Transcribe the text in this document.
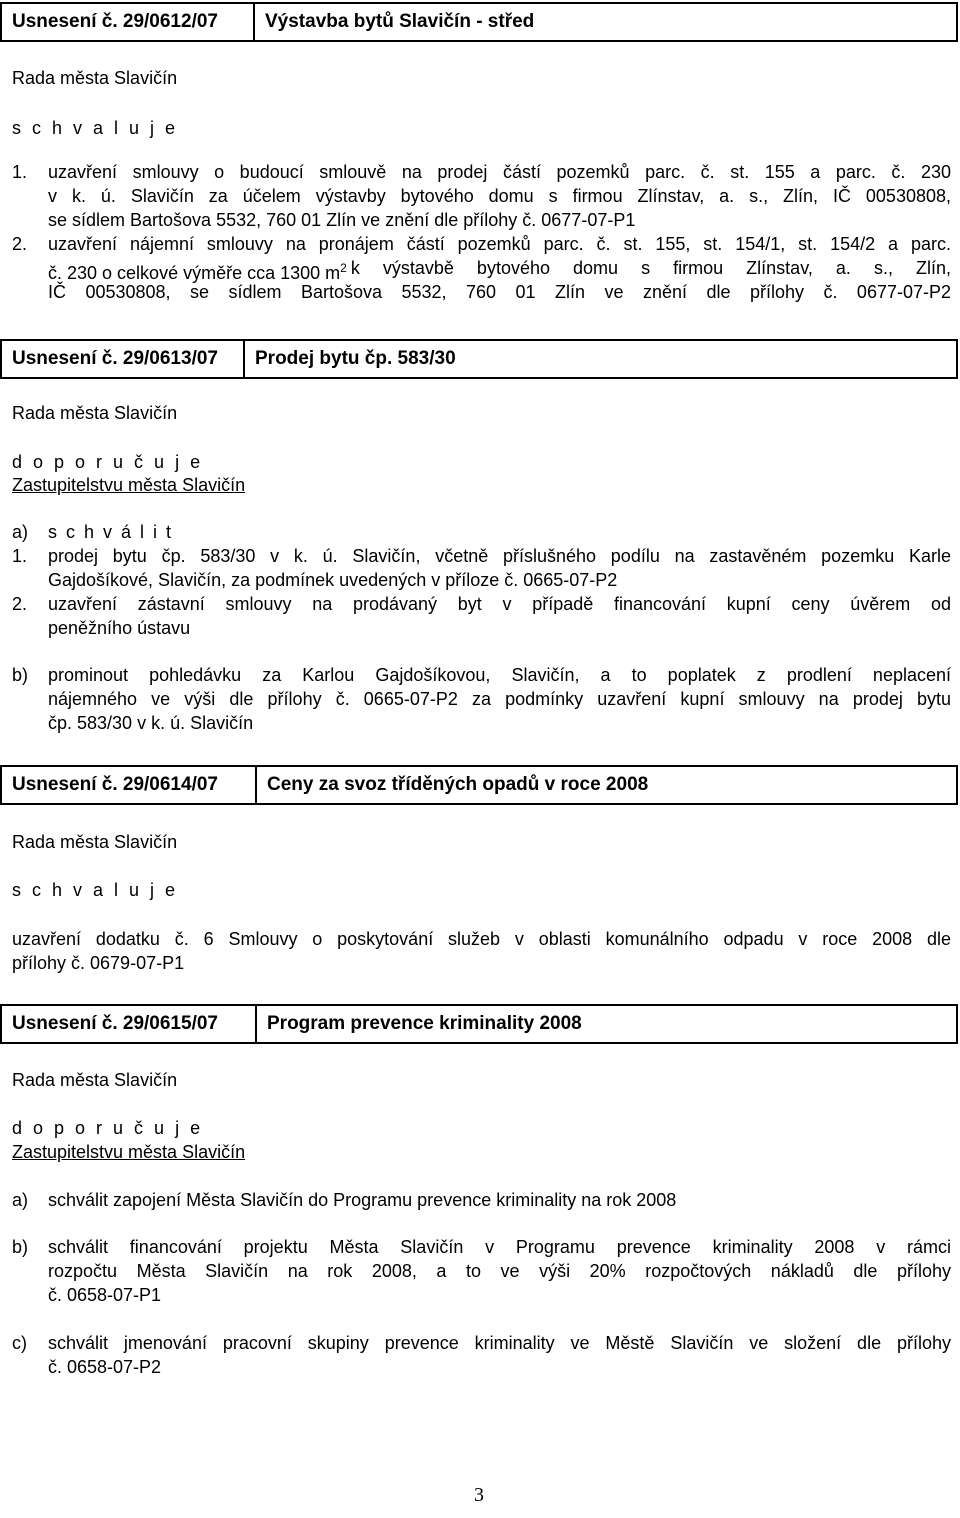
Usnesení č. 29/0612/07	Výstavba bytů Slavičín - střed
Rada města Slavičín
s c h v a l u j e
1. uzavření smlouvy o budoucí smlouvě na prodej částí pozemků parc. č. st. 155 a parc. č. 230
v k. ú. Slavičín za účelem výstavby bytového domu s firmou Zlínstav, a. s., Zlín, IČ 00530808,
se sídlem Bartošova 5532, 760 01 Zlín ve znění dle přílohy č. 0677-07-P1
2. uzavření nájemní smlouvy na pronájem částí pozemků parc. č. st. 155, st. 154/1, st. 154/2 a parc.
č. 230 o celkové výměře cca 1300 $m^2$ k výstavbě bytového domu s firmou Zlínstav, a. s., Zlín,
IČ 00530808, se sídlem Bartošova 5532, 760 01 Zlín ve znění dle přílohy č. 0677-07-P2
Usnesení č. 29/0613/07	Prodej bytu čp. 583/30
Rada města Slavičín
d o p o r u č u j e
Zastupitelstvu města Slavičín
a) s c h v á l i t
1. prodej bytu čp. 583/30 v k. ú. Slavičín, včetně příslušného podílu na zastavěném pozemku Karle
Gajdošíkové, Slavičín, za podmínek uvedených v příloze č. 0665-07-P2
2. uzavření zástavní smlouvy na prodávaný byt v případě financování kupní ceny úvěrem od
peněžního ústavu
b) prominout pohledávku za Karlou Gajdošíkovou, Slavičín, a to poplatek z prodlení neplacení
nájemného ve výši dle přílohy č. 0665-07-P2 za podmínky uzavření kupní smlouvy na prodej bytu
čp. 583/30 v k. ú. Slavičín
Usnesení č. 29/0614/07	Ceny za svoz tříděných opadů v roce 2008
Rada města Slavičín
s c h v a l u j e
uzavření dodatku č. 6 Smlouvy o poskytování služeb v oblasti komunálního odpadu v roce 2008 dle
přílohy č. 0679-07-P1
Usnesení č. 29/0615/07	Program prevence kriminality 2008
Rada města Slavičín
d o p o r u č u j e
Zastupitelstvu města Slavičín
a) schválit zapojení Města Slavičín do Programu prevence kriminality na rok 2008
b) schválit financování projektu Města Slavičín v Programu prevence kriminality 2008 v rámci
rozpočtu Města Slavičín na rok 2008, a to ve výši 20% rozpočtových nákladů dle přílohy
č. 0658-07-P1
c) schválit jmenování pracovní skupiny prevence kriminality ve Městě Slavičín ve složení dle přílohy
č. 0658-07-P2
3
